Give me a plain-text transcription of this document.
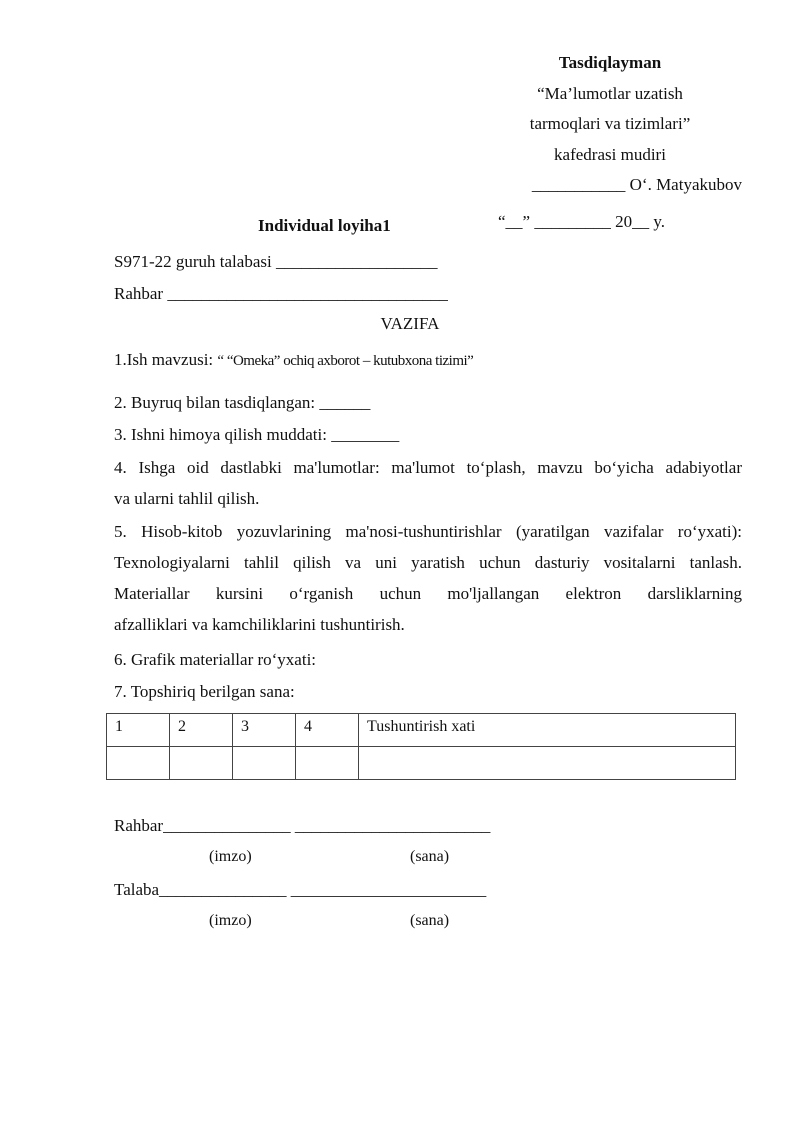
Tasdiqlayman
“Ma’lumotlar uzatish
tarmoqlari va tizimlari”
kafedrasi mudiri
___________ O‘. Matyakubov
“__” _________ 20__ y.
Individual loyiha1
S971-22 guruh talabasi ___________________
Rahbar _________________________________
VAZIFA
1.Ish mavzusi: “ “Omeka” ochiq axborot – kutubxona tizimi”
2. Buyruq bilan tasdiqlangan: ______
3. Ishni himoya qilish muddati: ________
4. Ishga oid dastlabki ma'lumotlar: ma'lumot to‘plash, mavzu bo‘yicha adabiyotlar
va ularni tahlil qilish.
5. Hisob-kitob yozuvlarining ma'nosi-tushuntirishlar (yaratilgan vazifalar ro‘yxati):
Texnologiyalarni tahlil qilish va uni yaratish uchun dasturiy vositalarni tanlash.
Materiallar kursini o‘rganish uchun mo'ljallangan elektron darsliklarning
afzalliklari va kamchiliklarini tushuntirish.
6. Grafik materiallar ro‘yxati:
7. Topshiriq berilgan sana:
1	2	3	4	Tushuntirish xati

Rahbar_______________ _______________________
(imzo)	(sana)
Talaba_______________ _______________________
(imzo)	(sana)
